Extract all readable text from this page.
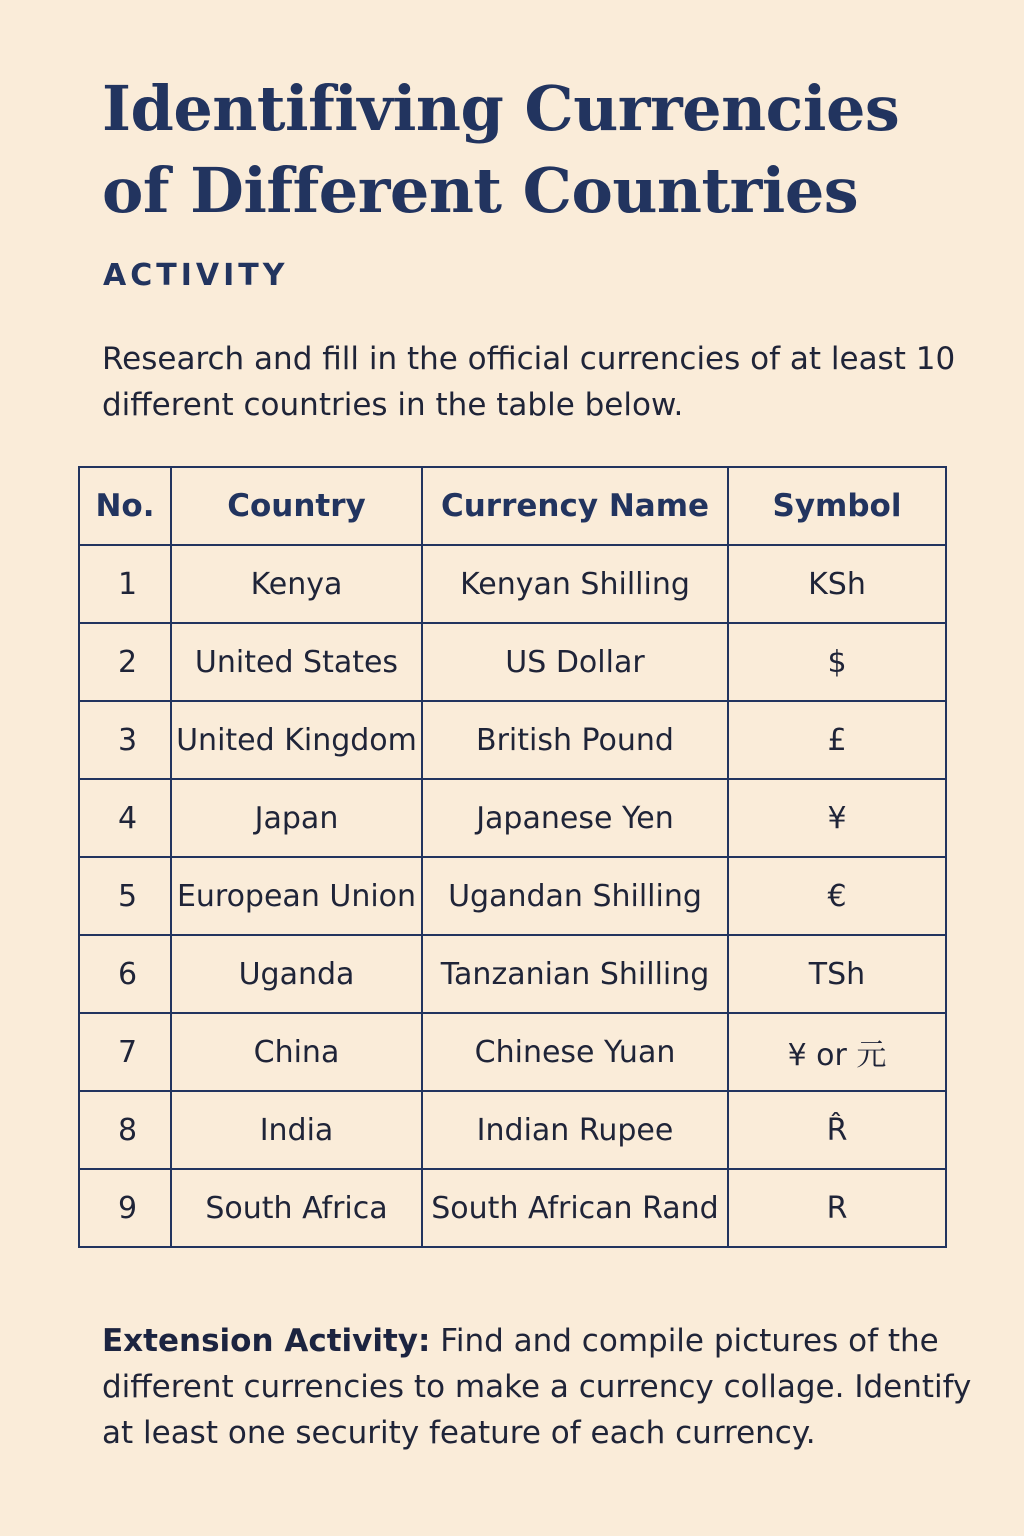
Identifiving Currencies of Different Countries
ACTIVITY

Research and fill in the official currencies of at least 10 different countries in the table below.

No.	Country	Currency Name	Symbol
1	Kenya	Kenyan Shilling	KSh
2	United States	US Dollar	$
3	United Kingdom	British Pound	£
4	Japan	Japanese Yen	¥
5	European Union	Ugandan Shilling	€
6	Uganda	Tanzanian Shilling	TSh
7	China	Chinese Yuan	¥ or 元
8	India	Indian Rupee	R̂
9	South Africa	South African Rand	R

Extension Activity: Find and compile pictures of the different currencies to make a currency collage. Identify at least one security feature of each currency.
